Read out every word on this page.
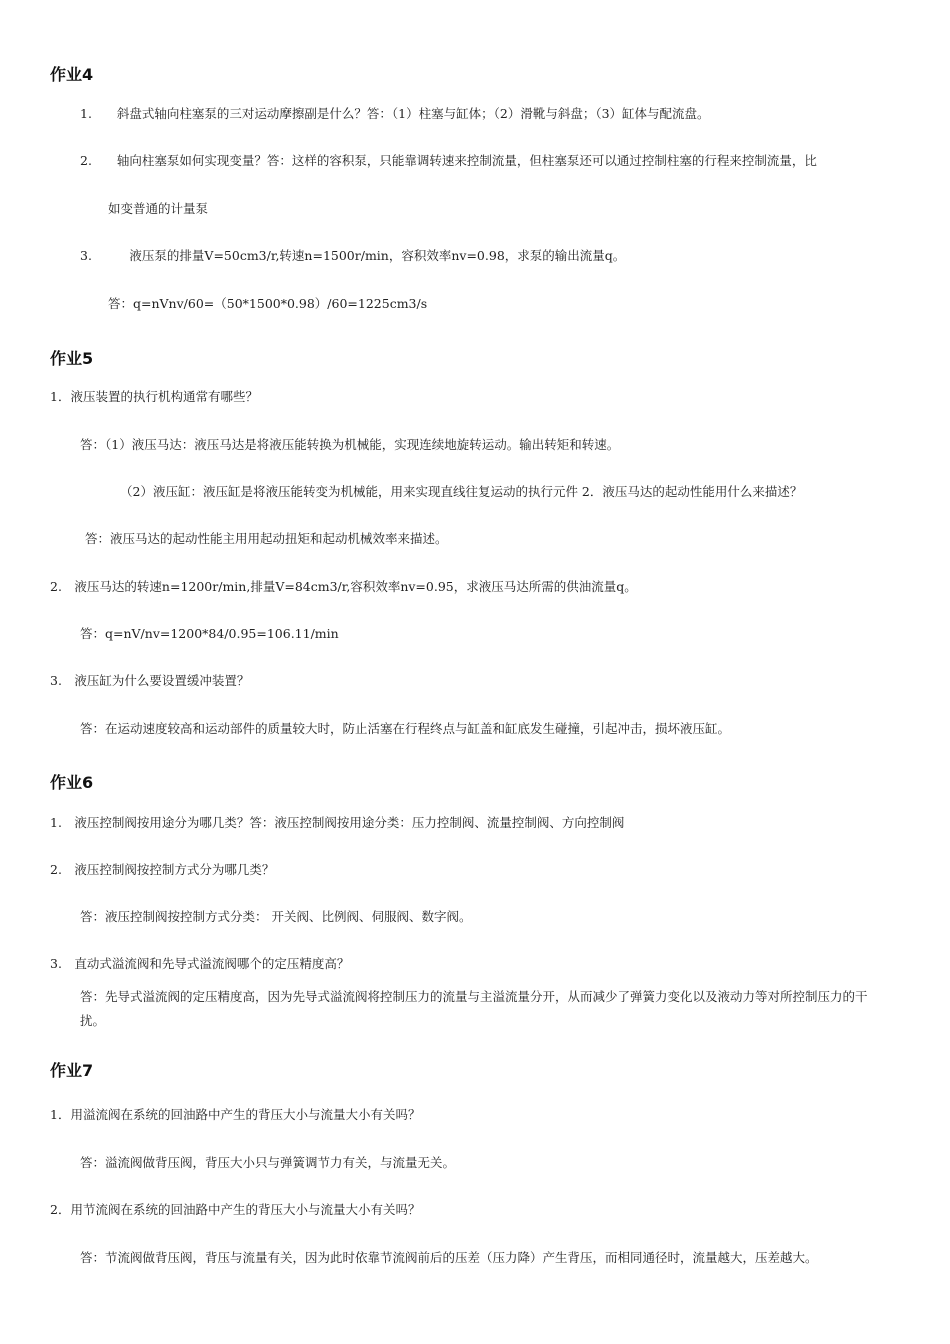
作业4
1.　　斜盘式轴向柱塞泵的三对运动摩擦副是什么？答：（1）柱塞与缸体；（2）滑靴与斜盘；（3）缸体与配流盘。
2.　　轴向柱塞泵如何实现变量？答：这样的容积泵，只能靠调转速来控制流量，但柱塞泵还可以通过控制柱塞的行程来控制流量，比
如变普通的计量泵
3.　　　液压泵的排量V=50cm3/r,转速n=1500r/min，容积效率nv=0.98，求泵的输出流量q。
答：q=nVnv/60=（50*1500*0.98）/60=1225cm3/s
作业5
1．液压装置的执行机构通常有哪些？
答：（1）液压马达：液压马达是将液压能转换为机械能，实现连续地旋转运动。输出转矩和转速。
（2）液压缸：液压缸是将液压能转变为机械能，用来实现直线往复运动的执行元件 2．液压马达的起动性能用什么来描述？
答：液压马达的起动性能主用用起动扭矩和起动机械效率来描述。
2.　液压马达的转速n=1200r/min,排量V=84cm3/r,容积效率nv=0.95，求液压马达所需的供油流量q。
答：q=nV/nv=1200*84/0.95=106.11/min
3.　液压缸为什么要设置缓冲装置？
答：在运动速度较高和运动部件的质量较大时，防止活塞在行程终点与缸盖和缸底发生碰撞，引起冲击，损坏液压缸。
作业6
1.　液压控制阀按用途分为哪几类？答：液压控制阀按用途分类：压力控制阀、流量控制阀、方向控制阀
2.　液压控制阀按控制方式分为哪几类？
答：液压控制阀按控制方式分类： 开关阀、比例阀、伺服阀、数字阀。
3.　直动式溢流阀和先导式溢流阀哪个的定压精度高？
答：先导式溢流阀的定压精度高，因为先导式溢流阀将控制压力的流量与主溢流量分开，从而减少了弹簧力变化以及液动力等对所控制压力的干扰。
作业7
1．用溢流阀在系统的回油路中产生的背压大小与流量大小有关吗？
答：溢流阀做背压阀，背压大小只与弹簧调节力有关，与流量无关。
2．用节流阀在系统的回油路中产生的背压大小与流量大小有关吗？
答：节流阀做背压阀，背压与流量有关，因为此时依靠节流阀前后的压差（压力降）产生背压，而相同通径时，流量越大，压差越大。
